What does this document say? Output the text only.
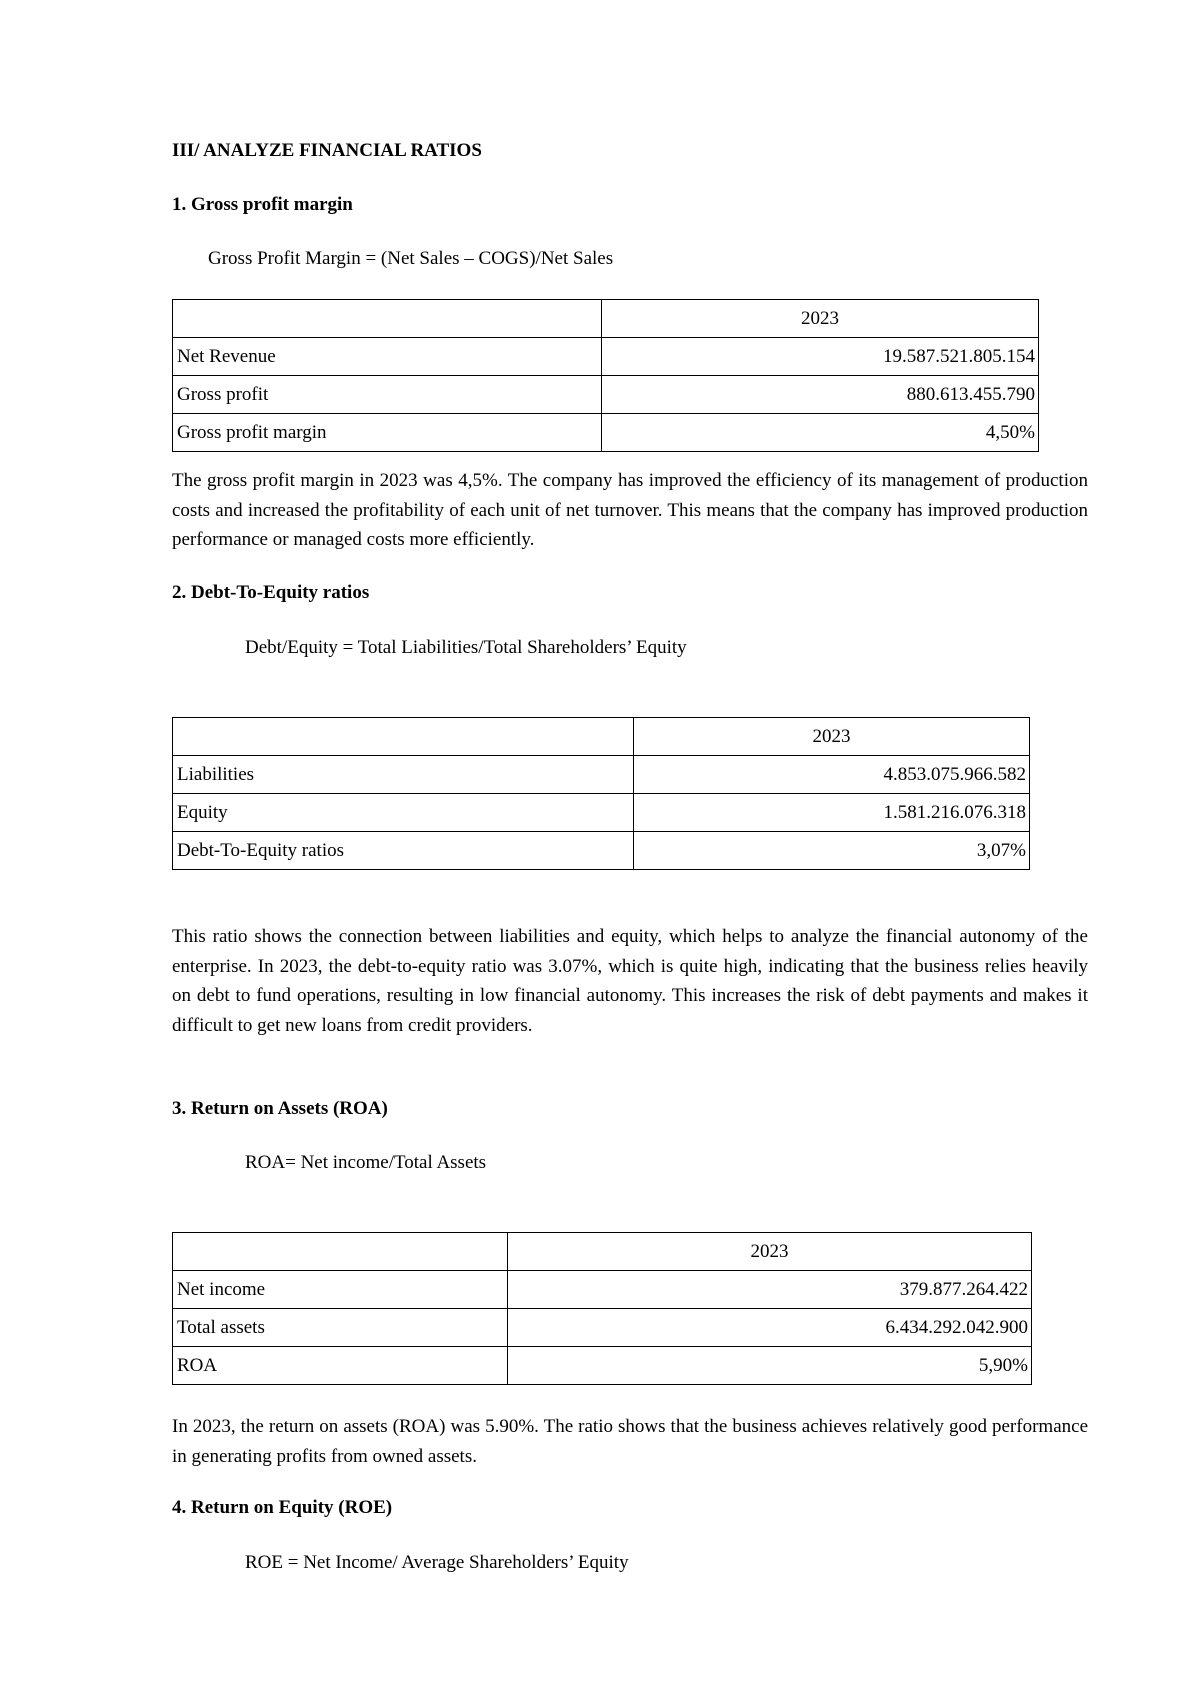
III/ ANALYZE FINANCIAL RATIOS
1. Gross profit margin
Gross Profit Margin = (Net Sales – COGS)/Net Sales
	2023
Net Revenue	19.587.521.805.154
Gross profit	880.613.455.790
Gross profit margin	4,50%
The gross profit margin in 2023 was 4,5%. The company has improved the efficiency of its management of production costs and increased the profitability of each unit of net turnover. This means that the company has improved production performance or managed costs more efficiently.
2. Debt-To-Equity ratios
Debt/Equity = Total Liabilities/Total Shareholders’ Equity
	2023
Liabilities	4.853.075.966.582
Equity	1.581.216.076.318
Debt-To-Equity ratios	3,07%
This ratio shows the connection between liabilities and equity, which helps to analyze the financial autonomy of the enterprise. In 2023, the debt-to-equity ratio was 3.07%, which is quite high, indicating that the business relies heavily on debt to fund operations, resulting in low financial autonomy. This increases the risk of debt payments and makes it difficult to get new loans from credit providers.
3. Return on Assets (ROA)
ROA= Net income/Total Assets
	2023
Net income	379.877.264.422
Total assets	6.434.292.042.900
ROA	5,90%
In 2023, the return on assets (ROA) was 5.90%. The ratio shows that the business achieves relatively good performance in generating profits from owned assets.
4. Return on Equity (ROE)
ROE = Net Income/ Average Shareholders’ Equity
